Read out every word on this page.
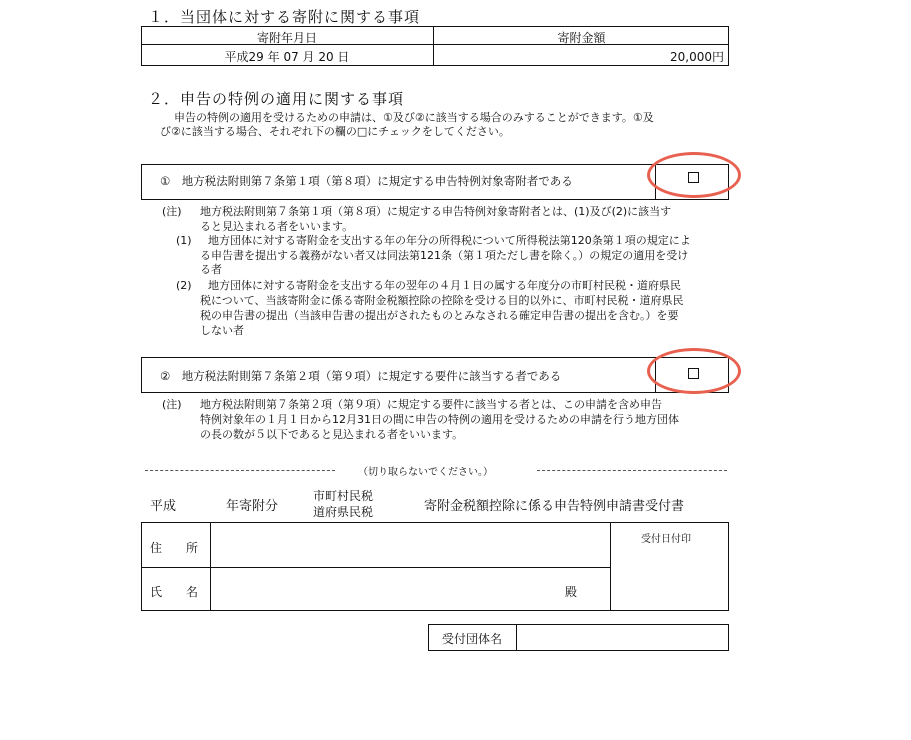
１．当団体に対する寄附に関する事項
寄附年月日	寄附金額
平成29 年 07 月 20 日	20,000円
２．申告の特例の適用に関する事項
申告の特例の適用を受けるための申請は、①及び②に該当する場合のみすることができます。①及
び②に該当する場合、それぞれ下の欄の□にチェックをしてください。
①　地方税法附則第７条第１項（第８項）に規定する申告特例対象寄附者である
(注) 地方税法附則第７条第１項（第８項）に規定する申告特例対象寄附者とは、(1)及び(2)に該当す
ると見込まれる者をいいます。
(1) 地方団体に対する寄附金を支出する年の年分の所得税について所得税法第120条第１項の規定によ
る申告書を提出する義務がない者又は同法第121条（第１項ただし書を除く。）の規定の適用を受け
る者
(2) 地方団体に対する寄附金を支出する年の翌年の４月１日の属する年度分の市町村民税・道府県民
税について、当該寄附金に係る寄附金税額控除の控除を受ける目的以外に、市町村民税・道府県民
税の申告書の提出（当該申告書の提出がされたものとみなされる確定申告書の提出を含む。）を要
しない者
②　地方税法附則第７条第２項（第９項）に規定する要件に該当する者である
(注) 地方税法附則第７条第２項（第９項）に規定する要件に該当する者とは、この申請を含め申告
特例対象年の１月１日から12月31日の間に申告の特例の適用を受けるための申請を行う地方団体
の長の数が５以下であると見込まれる者をいいます。
（切り取らないでください。）
平成	年寄附分
市町村民税
道府県民税	寄附金税額控除に係る申告特例申請書受付書
住　　所
氏　　名	殿
受付日付印
受付団体名
